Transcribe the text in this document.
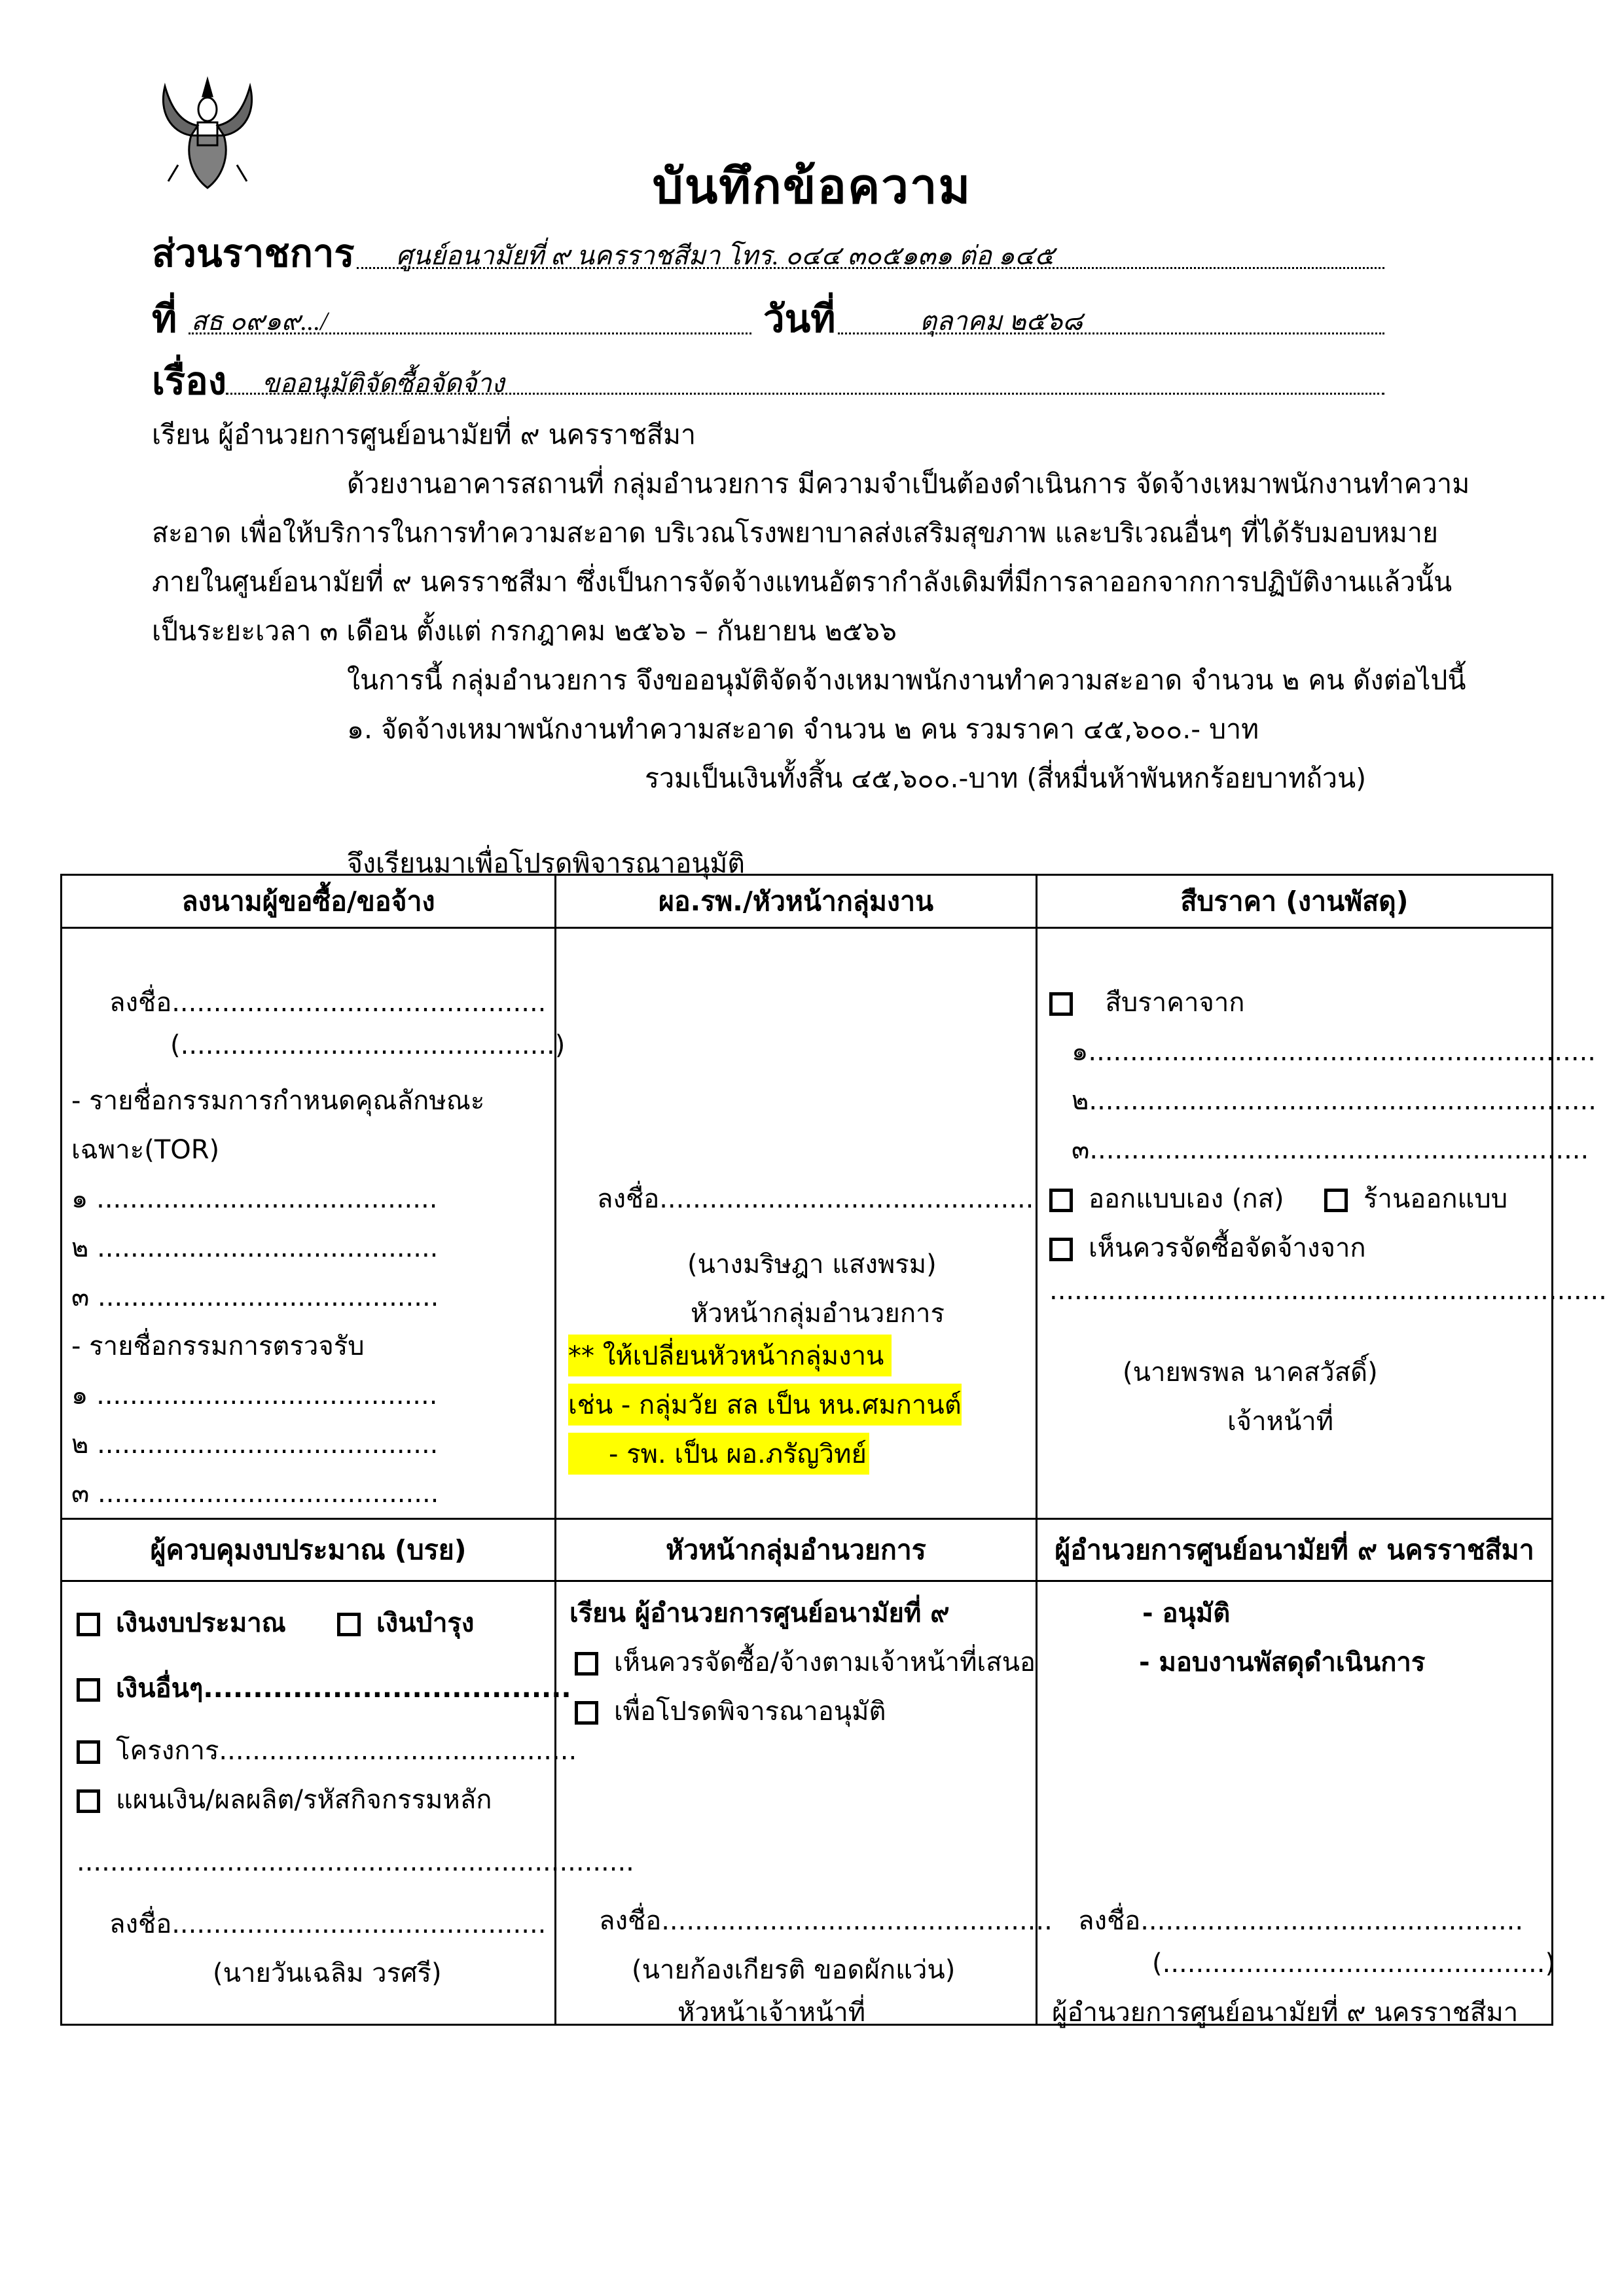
บันทึกข้อความ
ส่วนราชการ ศูนย์อนามัยที่ ๙ นครราชสีมา โทร. ๐๔๔ ๓๐๕๑๓๑ ต่อ ๑๔๕
ที่ สธ ๐๙๑๙.../	วันที่	ตุลาคม ๒๕๖๘
เรื่อง ขออนุมัติจัดซื้อจัดจ้าง
เรียน ผู้อำนวยการศูนย์อนามัยที่ ๙ นครราชสีมา
ด้วยงานอาคารสถานที่ กลุ่มอำนวยการ มีความจำเป็นต้องดำเนินการ จัดจ้างเหมาพนักงานทำความ
สะอาด เพื่อให้บริการในการทำความสะอาด บริเวณโรงพยาบาลส่งเสริมสุขภาพ และบริเวณอื่นๆ ที่ได้รับมอบหมาย
ภายในศูนย์อนามัยที่ ๙ นครราชสีมา ซึ่งเป็นการจัดจ้างแทนอัตรากำลังเดิมที่มีการลาออกจากการปฏิบัติงานแล้วนั้น
เป็นระยะเวลา ๓ เดือน ตั้งแต่ กรกฎาคม ๒๕๖๖ – กันยายน ๒๕๖๖
ในการนี้ กลุ่มอำนวยการ จึงขออนุมัติจัดจ้างเหมาพนักงานทำความสะอาด จำนวน ๒ คน ดังต่อไปนี้
๑. จัดจ้างเหมาพนักงานทำความสะอาด จำนวน ๒ คน รวมราคา ๔๕,๖๐๐.- บาท
รวมเป็นเงินทั้งสิ้น ๔๕,๖๐๐.-บาท (สี่หมื่นห้าพันหกร้อยบาทถ้วน)
จึงเรียนมาเพื่อโปรดพิจารณาอนุมัติ
ลงนามผู้ขอซื้อ/ขอจ้าง	ผอ.รพ./หัวหน้ากลุ่มงาน	สืบราคา (งานพัสดุ)

ลงชื่อ.............................................
(.............................................)
- รายชื่อกรรมการกำหนดคุณลักษณะ
เฉพาะ(TOR)
๑ .........................................
๒ .........................................
๓ .........................................
- รายชื่อกรรมการตรวจรับ
๑ .........................................
๒ .........................................
๓ .........................................

ลงชื่อ.............................................
(นางมริษฎา แสงพรม)
หัวหน้ากลุ่มอำนวยการ
** ให้เปลี่ยนหัวหน้ากลุ่มงาน
เช่น - กลุ่มวัย สล เป็น หน.ศมกานต์
- รพ. เป็น ผอ.ภรัญวิทย์

สืบราคาจาก
๑.............................................................
๒.............................................................
๓............................................................
ออกแบบเอง (กส)	ร้านออกแบบ
เห็นควรจัดซื้อจัดจ้างจาก
...................................................................
(นายพรพล นาคสวัสดิ์)
เจ้าหน้าที่

ผู้ควบคุมงบประมาณ (บรย)	หัวหน้ากลุ่มอำนวยการ	ผู้อำนวยการศูนย์อนามัยที่ ๙ นครราชสีมา

เงินงบประมาณ	เงินบำรุง
เงินอื่นๆ.....................................
โครงการ...........................................
แผนเงิน/ผลผลิต/รหัสกิจกรรมหลัก
...................................................................
ลงชื่อ.............................................
(นายวันเฉลิม วรศรี)

เรียน ผู้อำนวยการศูนย์อนามัยที่ ๙
เห็นควรจัดซื้อ/จ้างตามเจ้าหน้าที่เสนอ
เพื่อโปรดพิจารณาอนุมัติ
ลงชื่อ...............................................
(นายก้องเกียรติ ขอดผักแว่น)
หัวหน้าเจ้าหน้าที่

- อนุมัติ
- มอบงานพัสดุดำเนินการ
ลงชื่อ..............................................
(..............................................)
ผู้อำนวยการศูนย์อนามัยที่ ๙ นครราชสีมา
